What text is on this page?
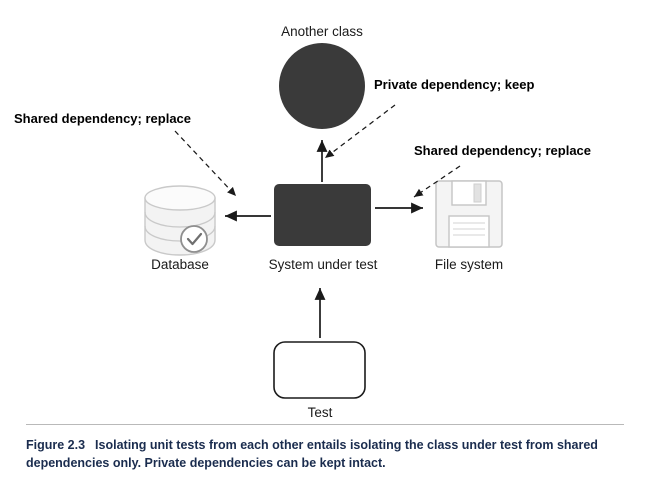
Another class
Database	System under test	File system
Test
Shared dependency; replace
Private dependency; keep
Shared dependency; replace
Figure 2.3 Isolating unit tests from each other entails isolating the class under test from shared dependencies only. Private dependencies can be kept intact.
